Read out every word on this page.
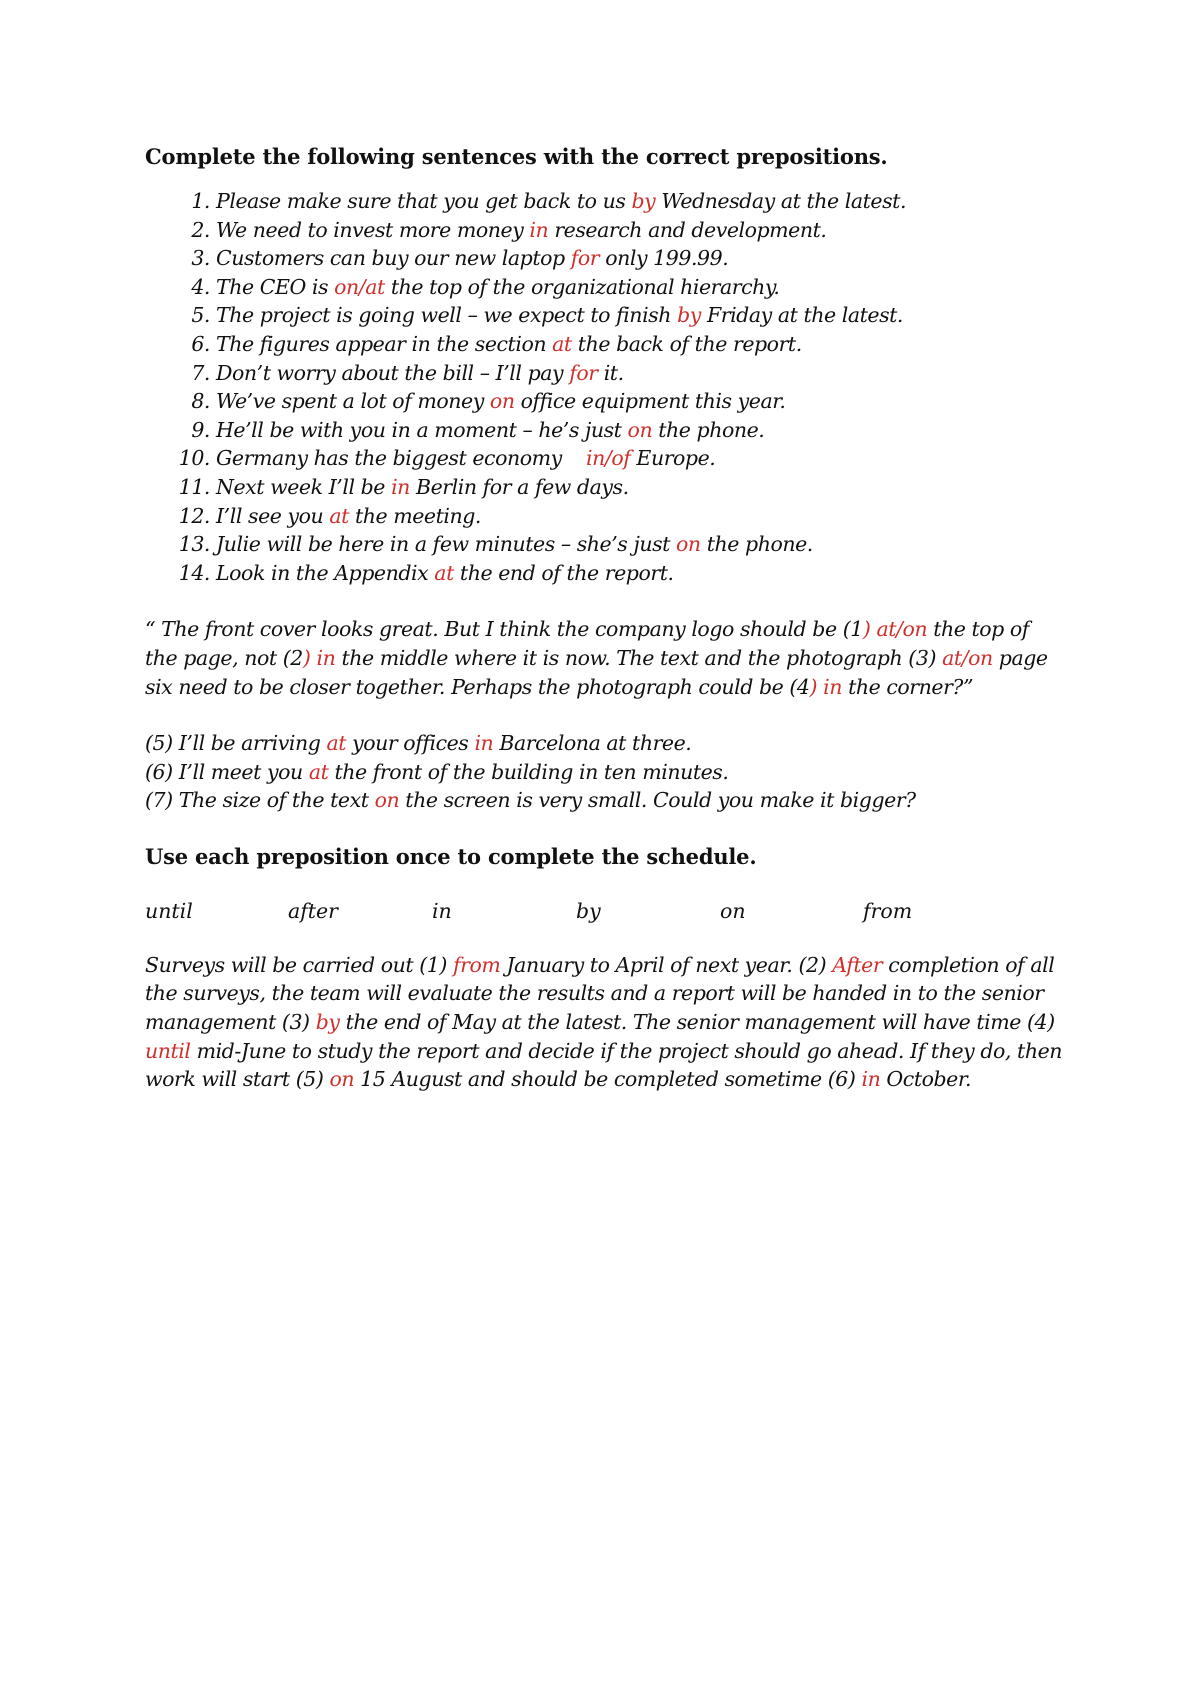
Complete the following sentences with the correct prepositions.

1. Please make sure that you get back to us by Wednesday at the latest.
2. We need to invest more money in research and development.
3. Customers can buy our new laptop for only 199.99.
4. The CEO is on/at the top of the organizational hierarchy.
5. The project is going well – we expect to finish by Friday at the latest.
6. The figures appear in the section at the back of the report.
7. Don’t worry about the bill – I’ll pay for it.
8. We’ve spent a lot of money on office equipment this year.
9. He’ll be with you in a moment – he’s just on the phone.
10. Germany has the biggest economy    in/of Europe.
11. Next week I’ll be in Berlin for a few days.
12. I’ll see you at the meeting.
13. Julie will be here in a few minutes – she’s just on the phone.
14. Look in the Appendix at the end of the report.

“ The front cover looks great. But I think the company logo should be (1) at/on the top of

the page, not (2) in the middle where it is now. The text and the photograph (3) at/on page

six need to be closer together. Perhaps the photograph could be (4) in the corner?”

(5) I’ll be arriving at your offices in Barcelona at three.

(6) I’ll meet you at the front of the building in ten minutes.

(7) The size of the text on the screen is very small. Could you make it bigger?

Use each preposition once to complete the schedule.

until	after	in	by	on	from

Surveys will be carried out (1) from January to April of next year. (2) After completion of all

the surveys, the team will evaluate the results and a report will be handed in to the senior

management (3) by the end of May at the latest. The senior management will have time (4)

until mid-June to study the report and decide if the project should go ahead. If they do, then

work will start (5) on 15 August and should be completed sometime (6) in October.
